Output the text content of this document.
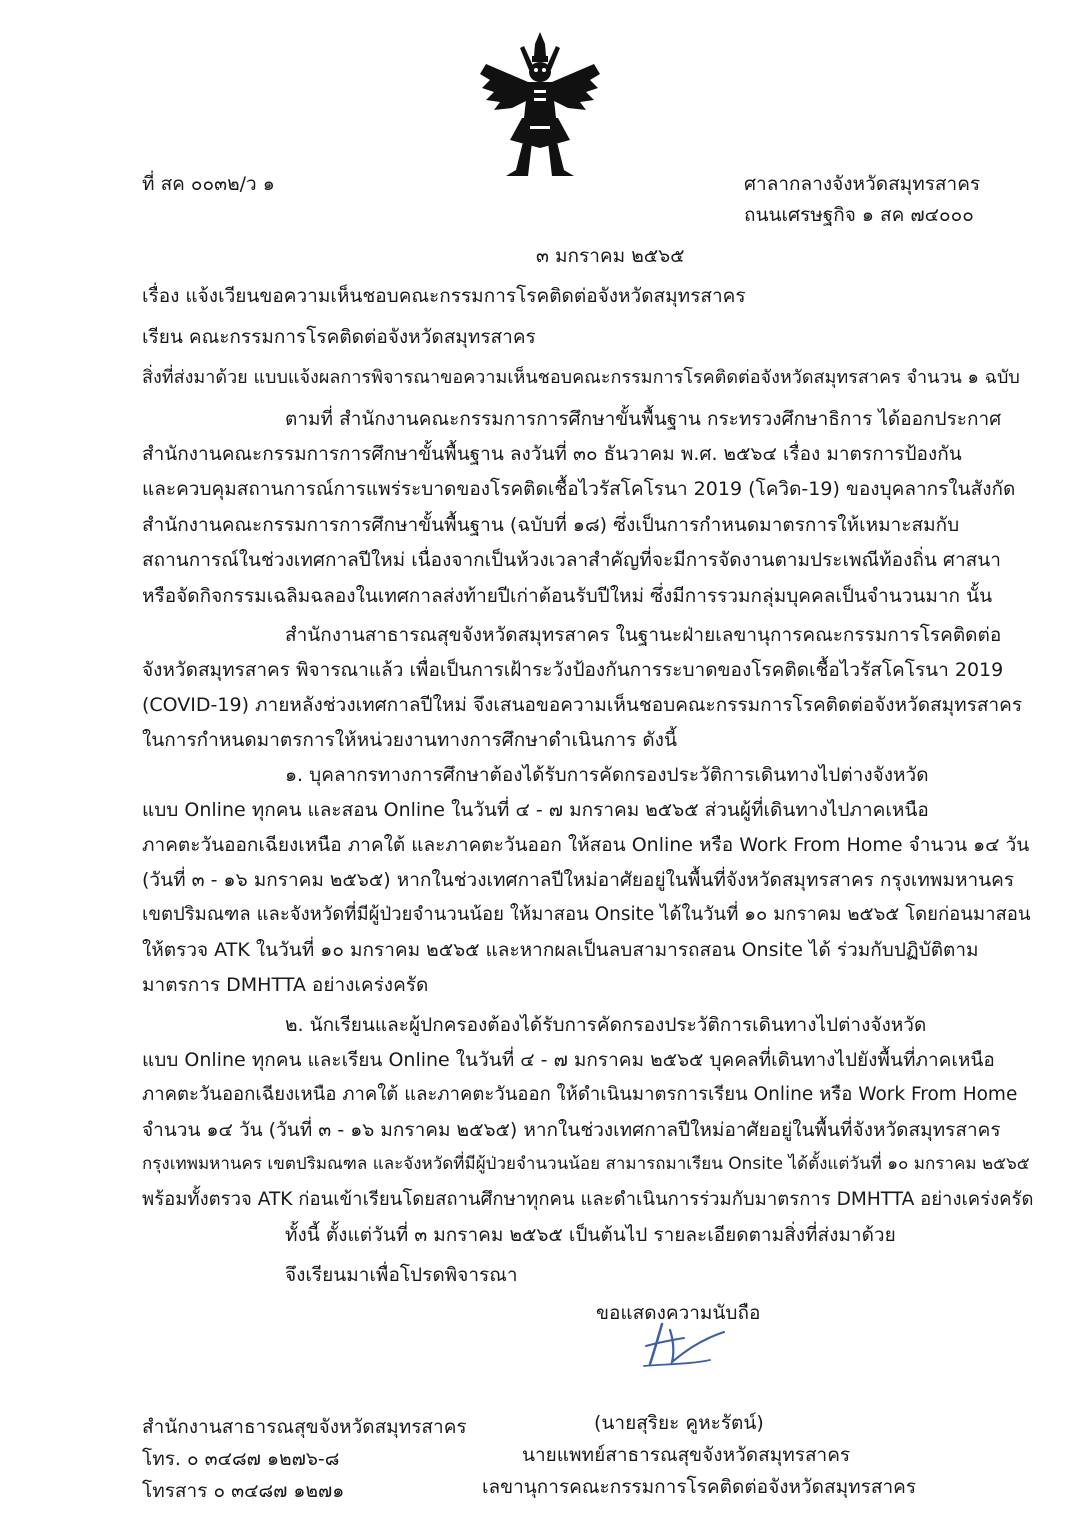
ที่ สค ๐๐๓๒/ว ๑	ศาลากลางจังหวัดสมุทรสาคร
ถนนเศรษฐกิจ ๑ สค ๗๔๐๐๐
๓ มกราคม ๒๕๖๕
เรื่อง แจ้งเวียนขอความเห็นชอบคณะกรรมการโรคติดต่อจังหวัดสมุทรสาคร
เรียน คณะกรรมการโรคติดต่อจังหวัดสมุทรสาคร
สิ่งที่ส่งมาด้วย แบบแจ้งผลการพิจารณาขอความเห็นชอบคณะกรรมการโรคติดต่อจังหวัดสมุทรสาคร จำนวน ๑ ฉบับ
ตามที่ สำนักงานคณะกรรมการการศึกษาขั้นพื้นฐาน กระทรวงศึกษาธิการ ได้ออกประกาศ
สำนักงานคณะกรรมการการศึกษาขั้นพื้นฐาน ลงวันที่ ๓๐ ธันวาคม พ.ศ. ๒๕๖๔ เรื่อง มาตรการป้องกัน
และควบคุมสถานการณ์การแพร่ระบาดของโรคติดเชื้อไวรัสโคโรนา 2019 (โควิด-19) ของบุคลากรในสังกัด
สำนักงานคณะกรรมการการศึกษาขั้นพื้นฐาน (ฉบับที่ ๑๘) ซึ่งเป็นการกำหนดมาตรการให้เหมาะสมกับ
สถานการณ์ในช่วงเทศกาลปีใหม่ เนื่องจากเป็นห้วงเวลาสำคัญที่จะมีการจัดงานตามประเพณีท้องถิ่น ศาสนา
หรือจัดกิจกรรมเฉลิมฉลองในเทศกาลส่งท้ายปีเก่าต้อนรับปีใหม่ ซึ่งมีการรวมกลุ่มบุคคลเป็นจำนวนมาก นั้น
สำนักงานสาธารณสุขจังหวัดสมุทรสาคร ในฐานะฝ่ายเลขานุการคณะกรรมการโรคติดต่อ
จังหวัดสมุทรสาคร พิจารณาแล้ว เพื่อเป็นการเฝ้าระวังป้องกันการระบาดของโรคติดเชื้อไวรัสโคโรนา 2019
(COVID-19) ภายหลังช่วงเทศกาลปีใหม่ จึงเสนอขอความเห็นชอบคณะกรรมการโรคติดต่อจังหวัดสมุทรสาคร
ในการกำหนดมาตรการให้หน่วยงานทางการศึกษาดำเนินการ ดังนี้
๑. บุคลากรทางการศึกษาต้องได้รับการคัดกรองประวัติการเดินทางไปต่างจังหวัด
แบบ Online ทุกคน และสอน Online ในวันที่ ๔ - ๗ มกราคม ๒๕๖๕ ส่วนผู้ที่เดินทางไปภาคเหนือ
ภาคตะวันออกเฉียงเหนือ ภาคใต้ และภาคตะวันออก ให้สอน Online หรือ Work From Home จำนวน ๑๔ วัน
(วันที่ ๓ - ๑๖ มกราคม ๒๕๖๕) หากในช่วงเทศกาลปีใหม่อาศัยอยู่ในพื้นที่จังหวัดสมุทรสาคร กรุงเทพมหานคร
เขตปริมณฑล และจังหวัดที่มีผู้ป่วยจำนวนน้อย ให้มาสอน Onsite ได้ในวันที่ ๑๐ มกราคม ๒๕๖๕ โดยก่อนมาสอน
ให้ตรวจ ATK ในวันที่ ๑๐ มกราคม ๒๕๖๕ และหากผลเป็นลบสามารถสอน Onsite ได้ ร่วมกับปฏิบัติตาม
มาตรการ DMHTTA อย่างเคร่งครัด
๒. นักเรียนและผู้ปกครองต้องได้รับการคัดกรองประวัติการเดินทางไปต่างจังหวัด
แบบ Online ทุกคน และเรียน Online ในวันที่ ๔ - ๗ มกราคม ๒๕๖๕ บุคคลที่เดินทางไปยังพื้นที่ภาคเหนือ
ภาคตะวันออกเฉียงเหนือ ภาคใต้ และภาคตะวันออก ให้ดำเนินมาตรการเรียน Online หรือ Work From Home
จำนวน ๑๔ วัน (วันที่ ๓ - ๑๖ มกราคม ๒๕๖๕) หากในช่วงเทศกาลปีใหม่อาศัยอยู่ในพื้นที่จังหวัดสมุทรสาคร
กรุงเทพมหานคร เขตปริมณฑล และจังหวัดที่มีผู้ป่วยจำนวนน้อย สามารถมาเรียน Onsite ได้ตั้งแต่วันที่ ๑๐ มกราคม ๒๕๖๕
พร้อมทั้งตรวจ ATK ก่อนเข้าเรียนโดยสถานศึกษาทุกคน และดำเนินการร่วมกับมาตรการ DMHTTA อย่างเคร่งครัด
ทั้งนี้ ตั้งแต่วันที่ ๓ มกราคม ๒๕๖๕ เป็นต้นไป รายละเอียดตามสิ่งที่ส่งมาด้วย
จึงเรียนมาเพื่อโปรดพิจารณา
ขอแสดงความนับถือ
(นายสุริยะ คูหะรัตน์)
นายแพทย์สาธารณสุขจังหวัดสมุทรสาคร
เลขานุการคณะกรรมการโรคติดต่อจังหวัดสมุทรสาคร
สำนักงานสาธารณสุขจังหวัดสมุทรสาคร
โทร. ๐ ๓๔๘๗ ๑๒๗๖-๘
โทรสาร ๐ ๓๔๘๗ ๑๒๗๑
